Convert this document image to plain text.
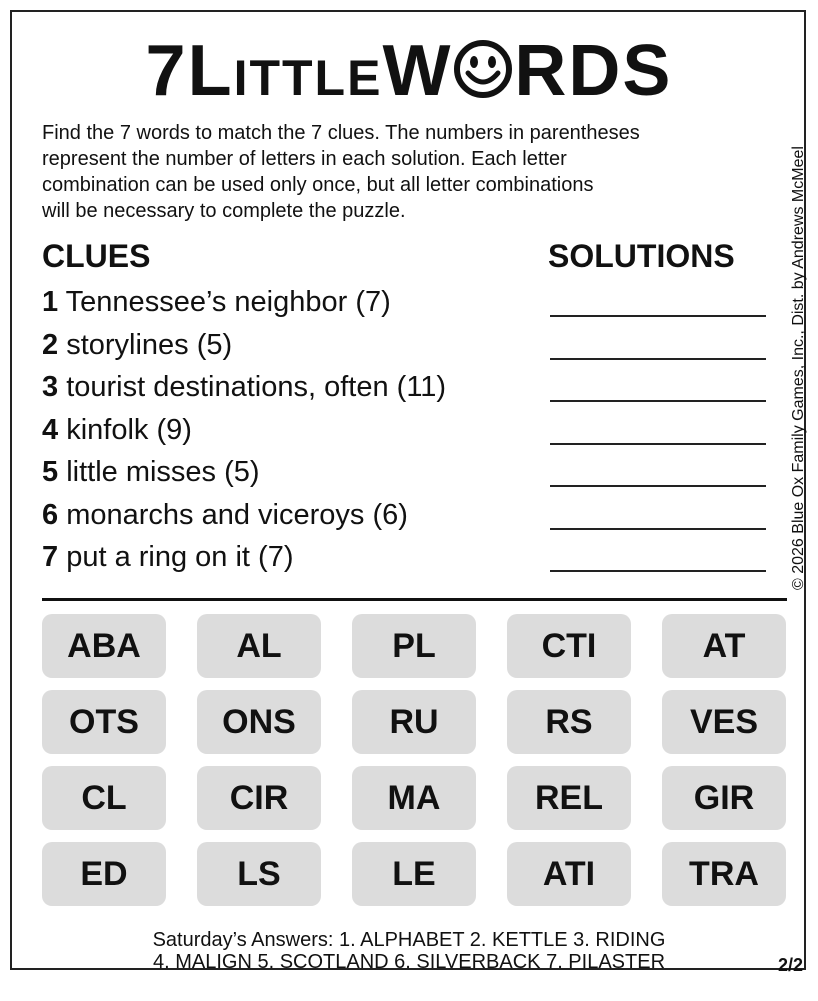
7LittleW RDS
Find the 7 words to match the 7 clues. The numbers in parentheses
represent the number of letters in each solution. Each letter
combination can be used only once, but all letter combinations
will be necessary to complete the puzzle.	© 2026 Blue Ox Family Games, Inc., Dist. by Andrews McMeel
CLUES	SOLUTIONS
1 Tennessee’s neighbor (7)
2 storylines (5)
3 tourist destinations, often (11)
4 kinfolk (9)
5 little misses (5)
6 monarchs and viceroys (6)
7 put a ring on it (7)
ABA	AL	PL	CTI	AT
OTS	ONS	RU	RS	VES
CL	CIR	MA	REL	GIR
ED	LS	LE	ATI	TRA
Saturday’s Answers: 1. ALPHABET 2. KETTLE 3. RIDING
4. MALIGN 5. SCOTLAND 6. SILVERBACK 7. PILASTER	2/2
